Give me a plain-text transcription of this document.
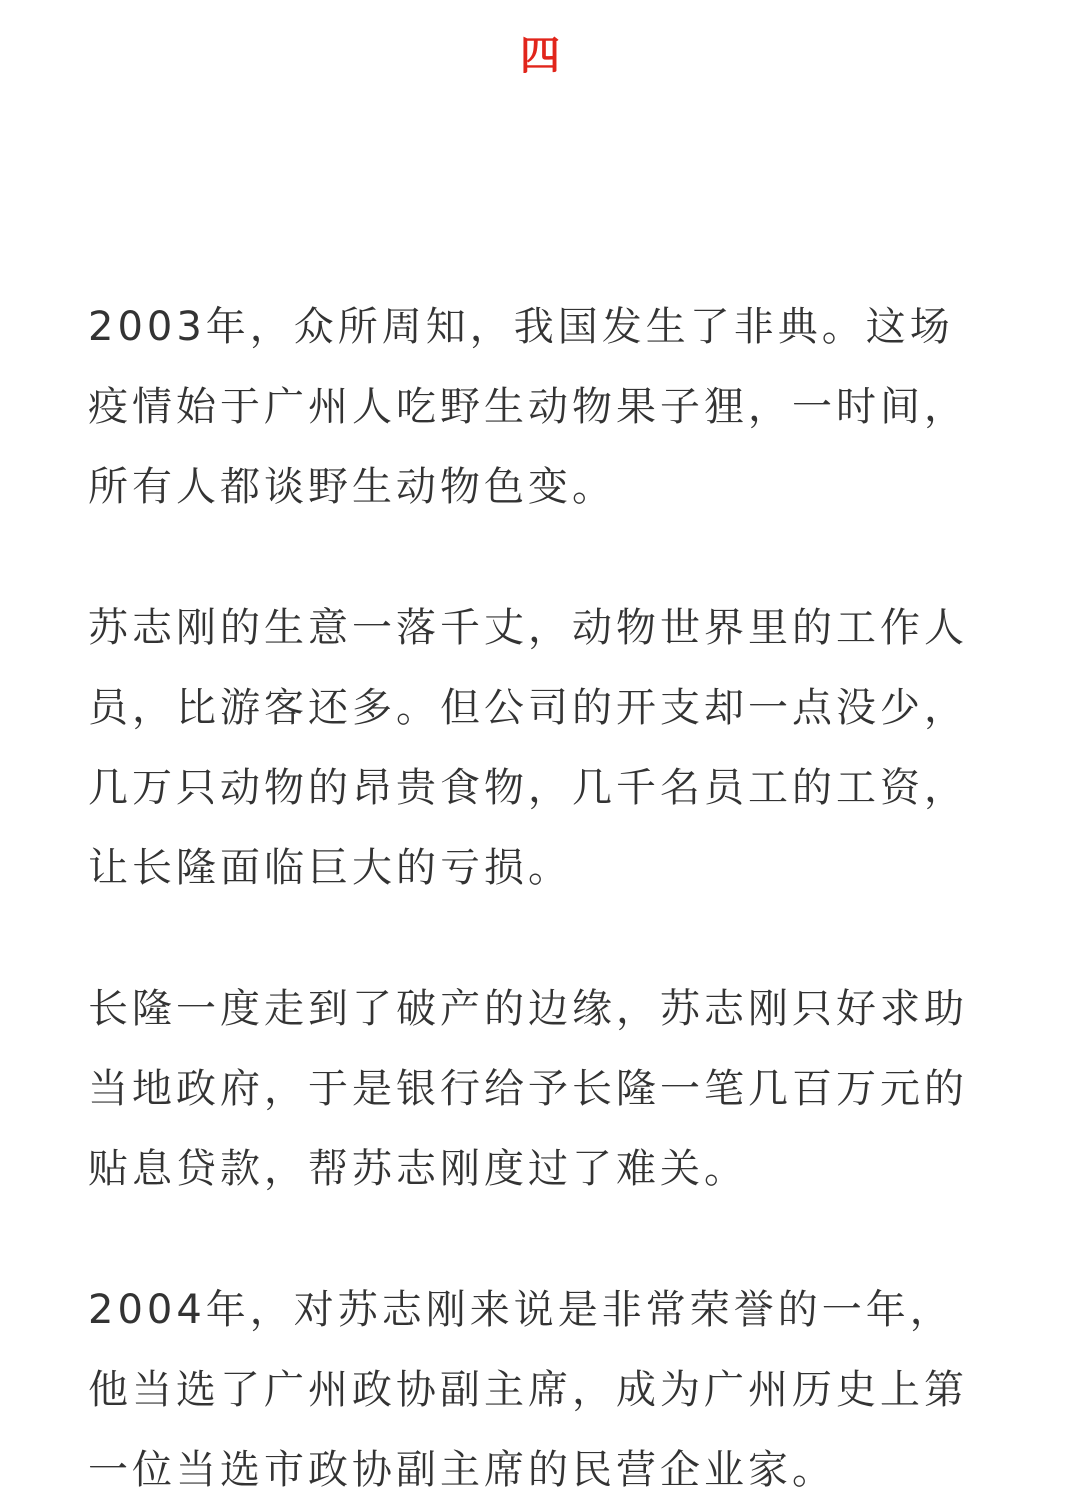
四

2003年，众所周知，我国发生了非典。这场疫情始于广州人吃野生动物果子狸，一时间，所有人都谈野生动物色变。

苏志刚的生意一落千丈，动物世界里的工作人员，比游客还多。但公司的开支却一点没少，几万只动物的昂贵食物，几千名员工的工资，让长隆面临巨大的亏损。

长隆一度走到了破产的边缘，苏志刚只好求助当地政府，于是银行给予长隆一笔几百万元的贴息贷款，帮苏志刚度过了难关。

2004年，对苏志刚来说是非常荣誉的一年，他当选了广州政协副主席，成为广州历史上第一位当选市政协副主席的民营企业家。
